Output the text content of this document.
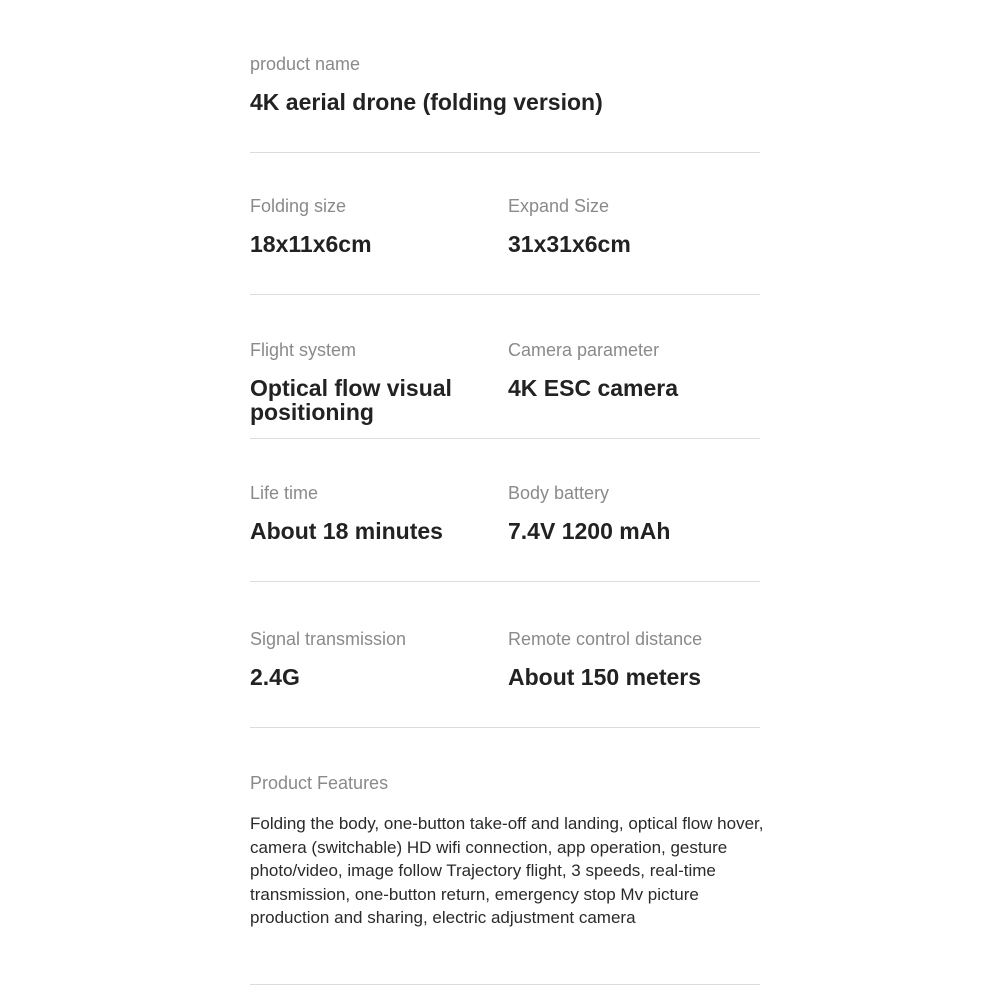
product name
4K aerial drone (folding version)
Folding size
18x11x6cm
Expand Size
31x31x6cm
Flight system
Optical flow visual positioning
Camera parameter
4K ESC camera
Life time
About 18 minutes
Body battery
7.4V 1200 mAh
Signal transmission
2.4G
Remote control distance
About 150 meters
Product Features
Folding the body, one-button take-off and landing, optical flow hover, camera (switchable) HD wifi connection, app operation, gesture photo/video, image follow Trajectory flight, 3 speeds, real-time transmission, one-button return, emergency stop Mv picture production and sharing, electric adjustment camera
